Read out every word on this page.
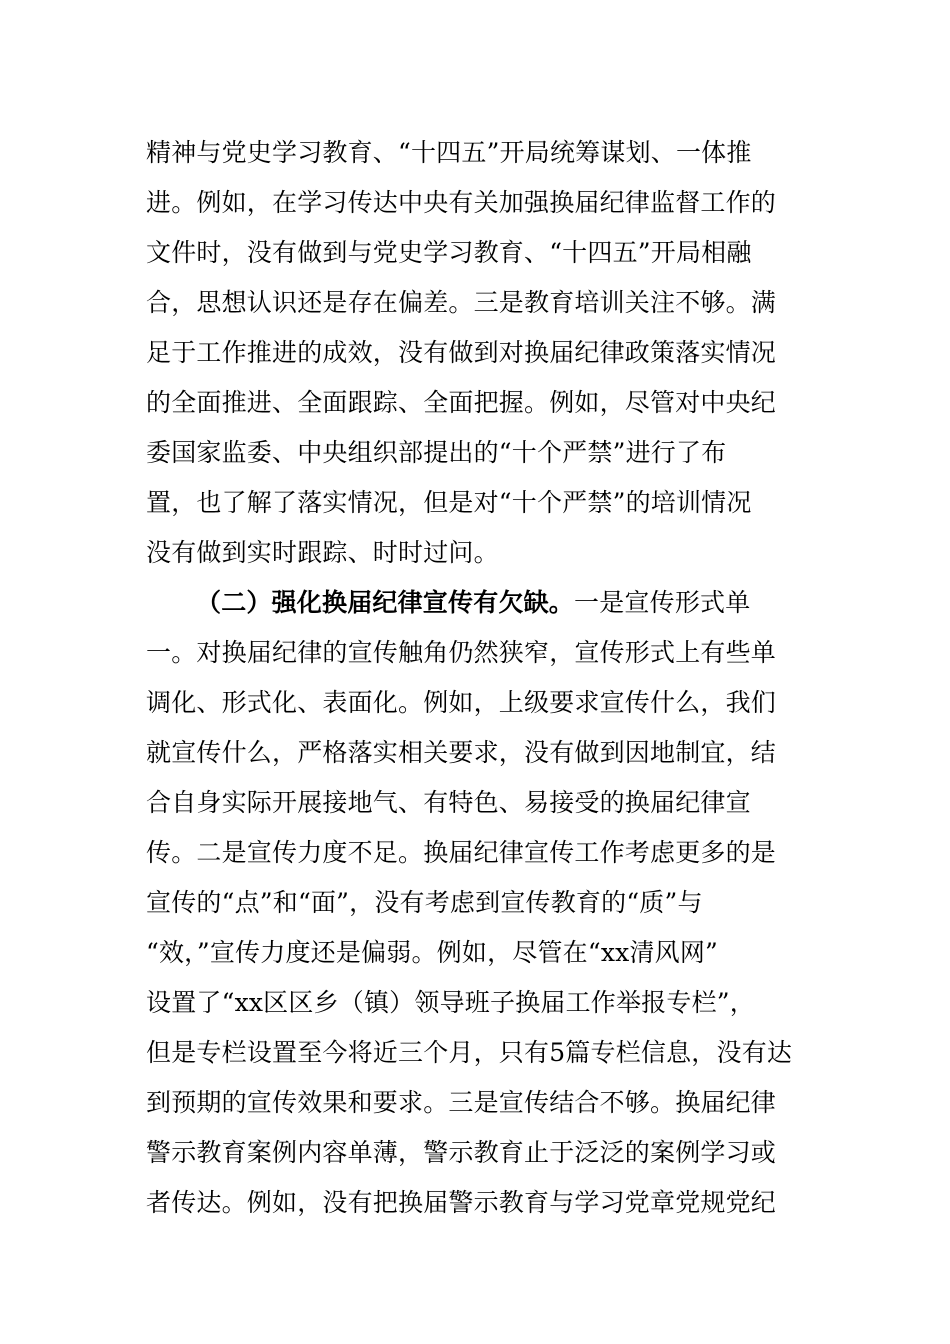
精神与党史学习教育、“十四五”开局统筹谋划、一体推
进。例如，在学习传达中央有关加强换届纪律监督工作的
文件时，没有做到与党史学习教育、“十四五”开局相融
合，思想认识还是存在偏差。三是教育培训关注不够。满
足于工作推进的成效，没有做到对换届纪律政策落实情况
的全面推进、全面跟踪、全面把握。例如，尽管对中央纪
委国家监委、中央组织部提出的“十个严禁”进行了布
置，也了解了落实情况，但是对“十个严禁”的培训情况
没有做到实时跟踪、时时过问。
（二）强化换届纪律宣传有欠缺。一是宣传形式单
一。对换届纪律的宣传触角仍然狭窄，宣传形式上有些单
调化、形式化、表面化。例如，上级要求宣传什么，我们
就宣传什么，严格落实相关要求，没有做到因地制宜，结
合自身实际开展接地气、有特色、易接受的换届纪律宣
传。二是宣传力度不足。换届纪律宣传工作考虑更多的是
宣传的“点”和“面”，没有考虑到宣传教育的“质”与
“效，”宣传力度还是偏弱。例如，尽管在“xx清风网”
设置了“xx区区乡（镇）领导班子换届工作举报专栏”，
但是专栏设置至今将近三个月，只有5篇专栏信息，没有达
到预期的宣传效果和要求。三是宣传结合不够。换届纪律
警示教育案例内容单薄，警示教育止于泛泛的案例学习或
者传达。例如，没有把换届警示教育与学习党章党规党纪
